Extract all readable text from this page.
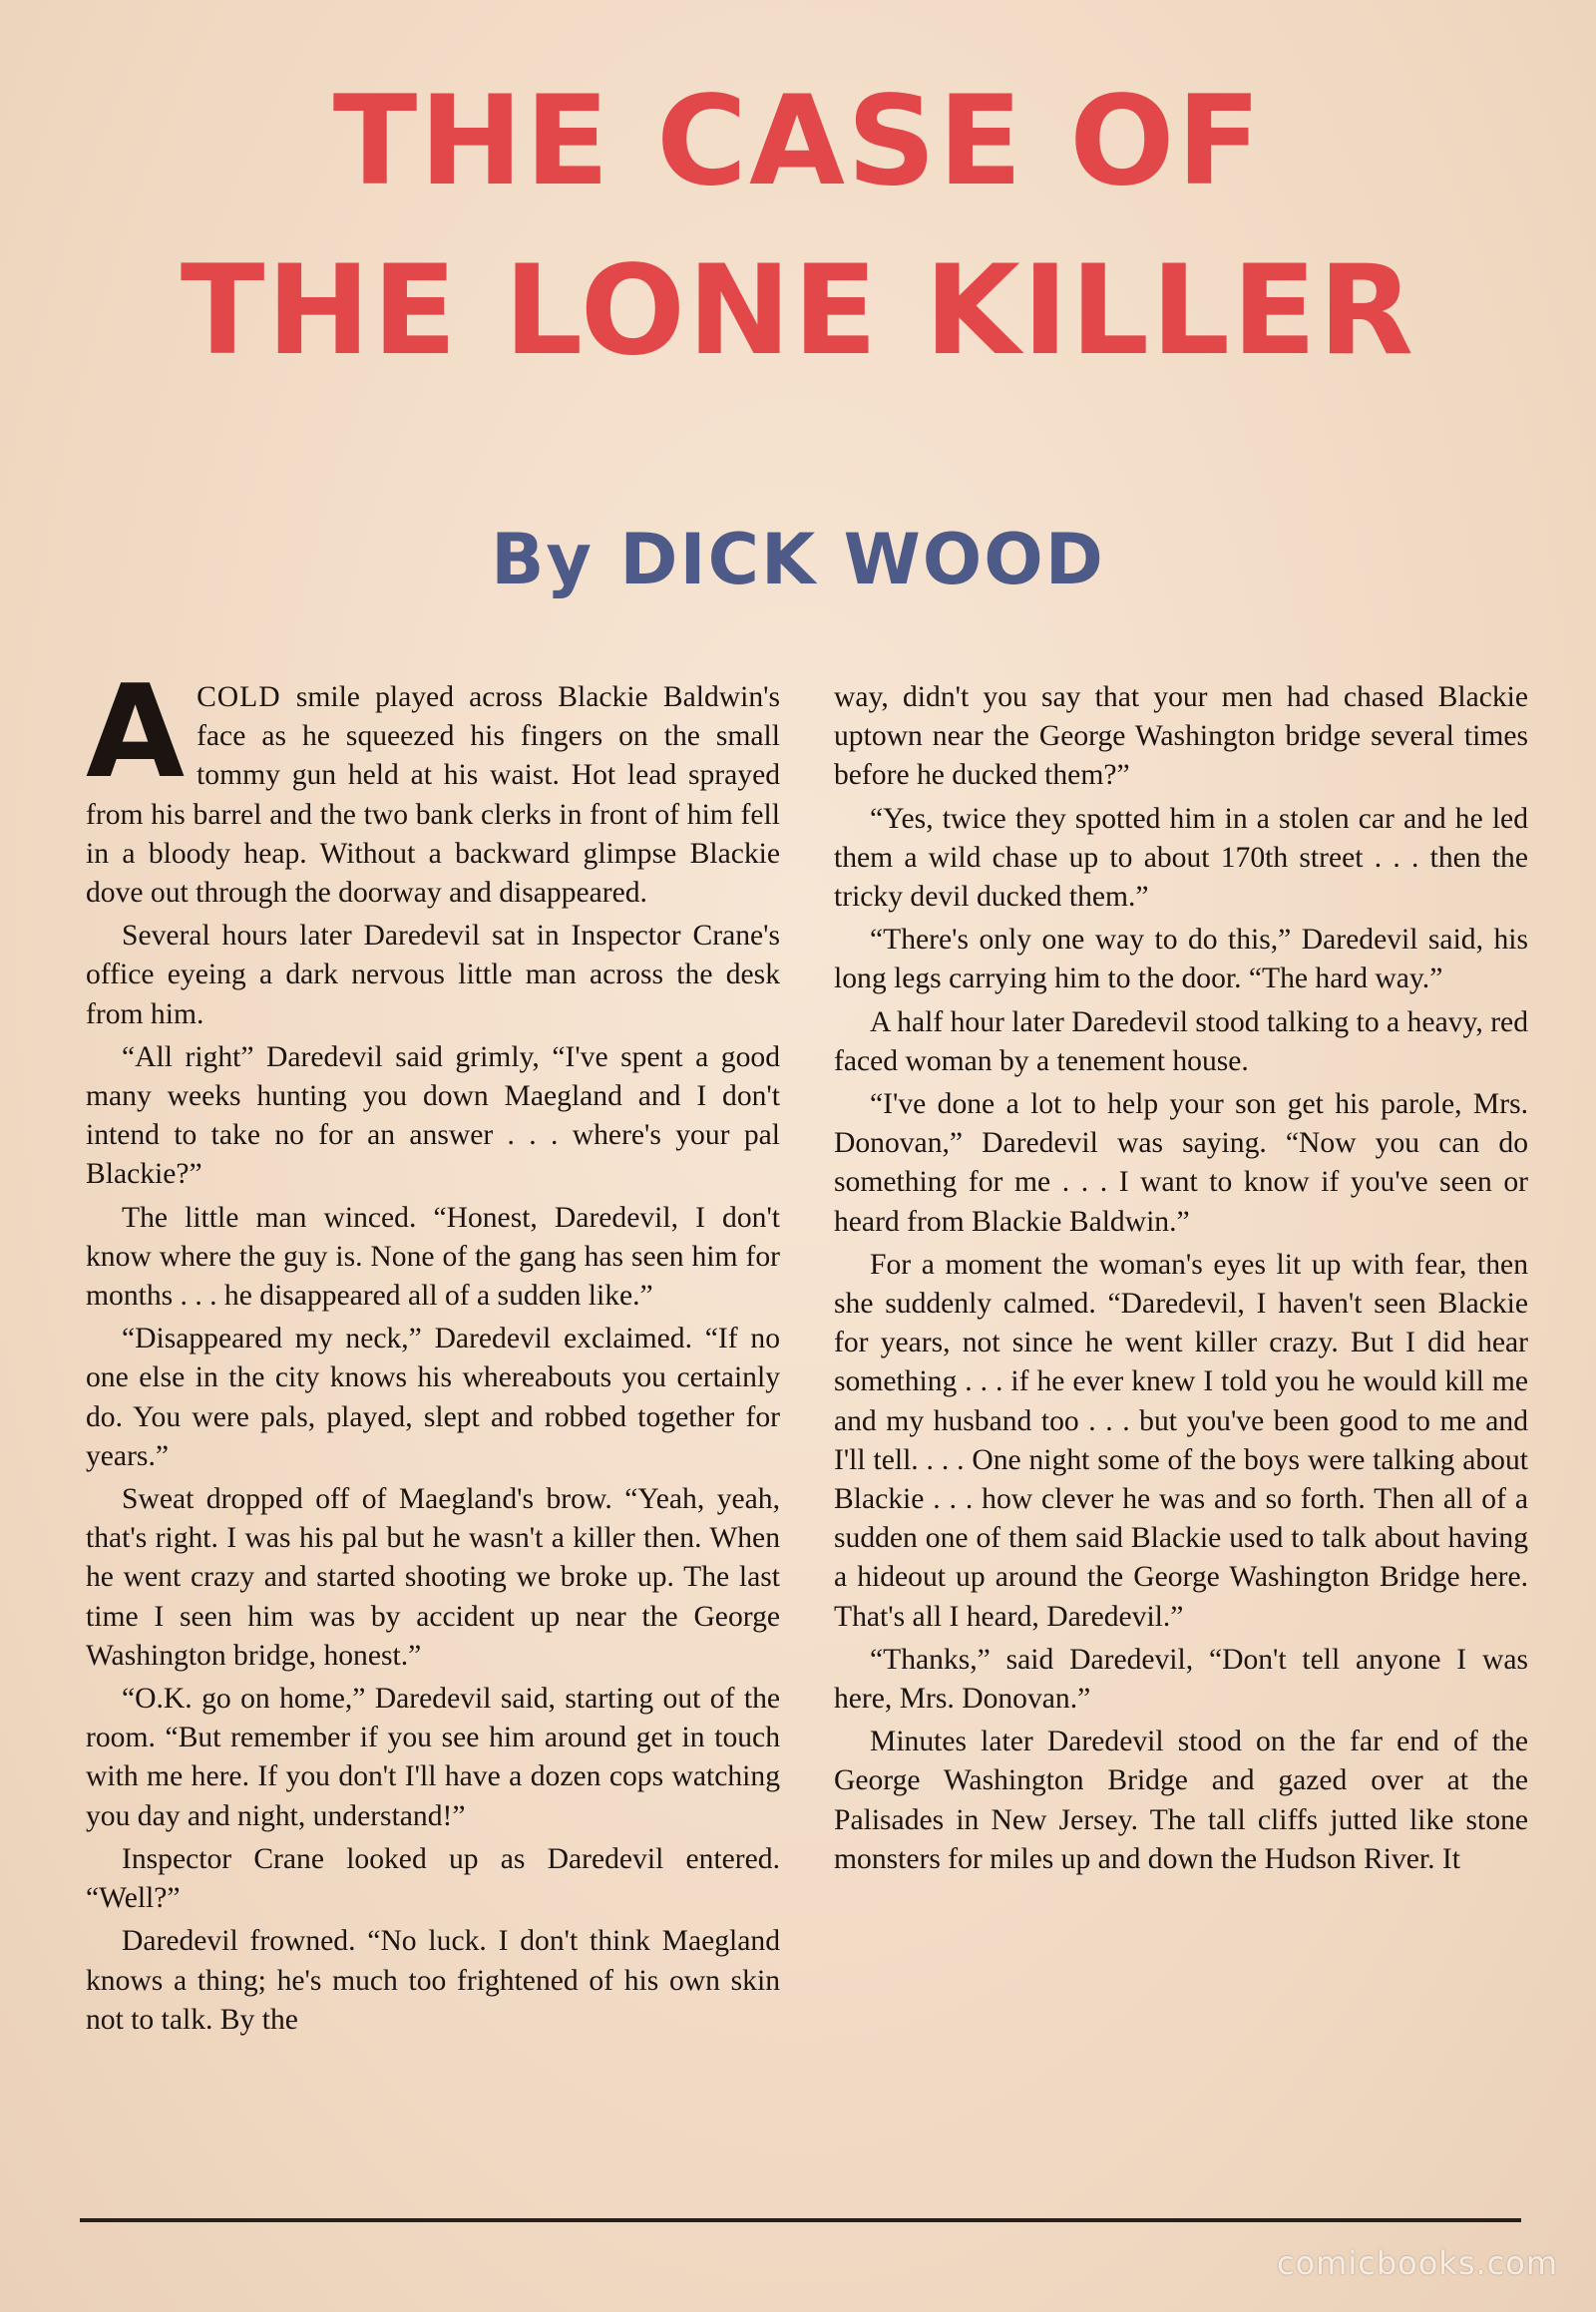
THE CASE OF
THE LONE KILLER
By DICK WOOD

ACOLD smile played across Blackie Baldwin's face as he squeezed his fingers on the small tommy gun held at his waist. Hot lead sprayed from his barrel and the two bank clerks in front of him fell in a bloody heap. Without a backward glimpse Blackie dove out through the doorway and disappeared.

Several hours later Daredevil sat in Inspector Crane's office eyeing a dark nervous little man across the desk from him.

“All right” Daredevil said grimly, “I've spent a good many weeks hunting you down Maegland and I don't intend to take no for an answer . . . where's your pal Blackie?”

The little man winced. “Honest, Daredevil, I don't know where the guy is. None of the gang has seen him for months . . . he disappeared all of a sudden like.”

“Disappeared my neck,” Daredevil exclaimed. “If no one else in the city knows his whereabouts you certainly do. You were pals, played, slept and robbed together for years.”

Sweat dropped off of Maegland's brow. “Yeah, yeah, that's right. I was his pal but he wasn't a killer then. When he went crazy and started shooting we broke up. The last time I seen him was by accident up near the George Washington bridge, honest.”

“O.K. go on home,” Daredevil said, starting out of the room. “But remember if you see him around get in touch with me here. If you don't I'll have a dozen cops watching you day and night, understand!”

Inspector Crane looked up as Daredevil entered. “Well?”

Daredevil frowned. “No luck. I don't think Maegland knows a thing; he's much too frightened of his own skin not to talk. By the

way, didn't you say that your men had chased Blackie uptown near the George Washington bridge several times before he ducked them?”

“Yes, twice they spotted him in a stolen car and he led them a wild chase up to about 170th street . . . then the tricky devil ducked them.”

“There's only one way to do this,” Daredevil said, his long legs carrying him to the door. “The hard way.”

A half hour later Daredevil stood talking to a heavy, red faced woman by a tenement house.

“I've done a lot to help your son get his parole, Mrs. Donovan,” Daredevil was saying. “Now you can do something for me . . . I want to know if you've seen or heard from Blackie Baldwin.”

For a moment the woman's eyes lit up with fear, then she suddenly calmed. “Daredevil, I haven't seen Blackie for years, not since he went killer crazy. But I did hear something . . . if he ever knew I told you he would kill me and my husband too . . . but you've been good to me and I'll tell. . . . One night some of the boys were talking about Blackie . . . how clever he was and so forth. Then all of a sudden one of them said Blackie used to talk about having a hideout up around the George Washington Bridge here. That's all I heard, Daredevil.”

“Thanks,” said Daredevil, “Don't tell anyone I was here, Mrs. Donovan.”

Minutes later Daredevil stood on the far end of the George Washington Bridge and gazed over at the Palisades in New Jersey. The tall cliffs jutted like stone monsters for miles up and down the Hudson River. It

comicbooks.com
